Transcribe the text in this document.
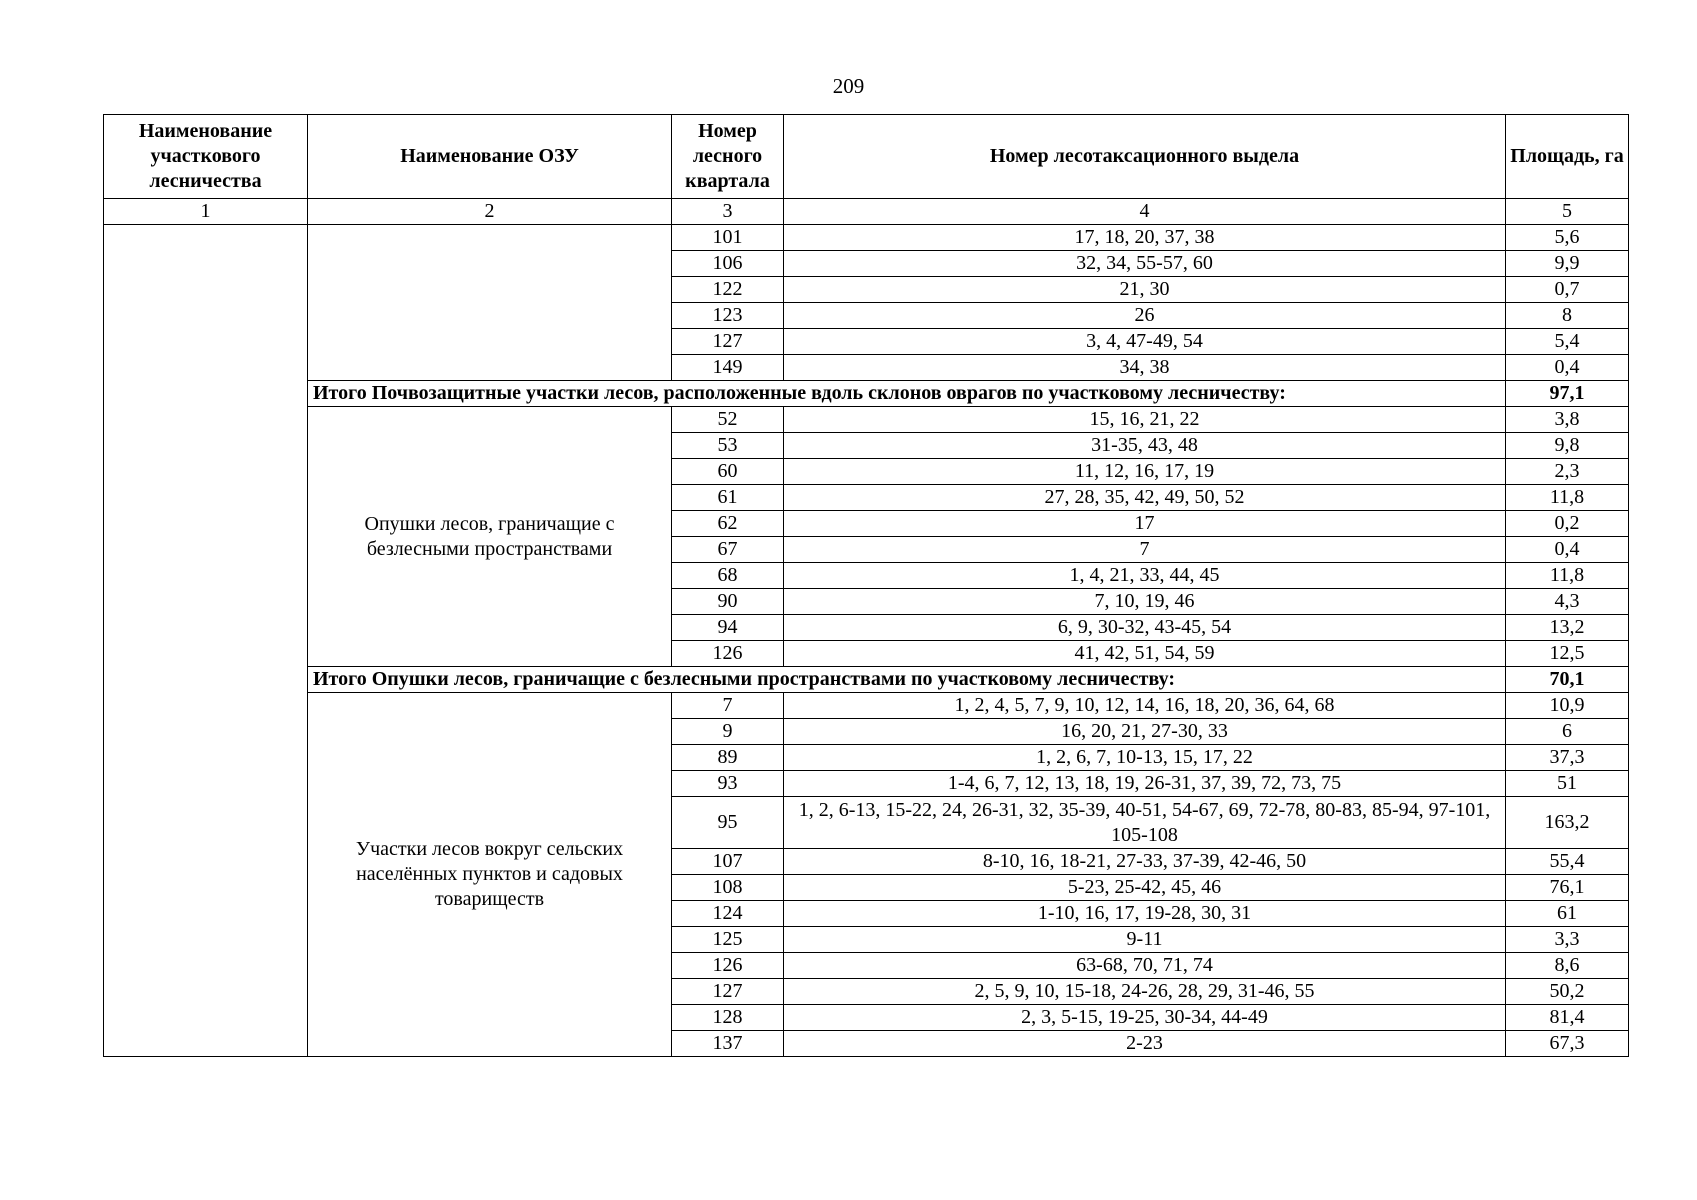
209
Наименование участкового лесничества	Наименование ОЗУ	Номер лесного квартала	Номер лесотаксационного выдела	Площадь, га
1	2	3	4	5
		101	17, 18, 20, 37, 38	5,6
		106	32, 34, 55-57, 60	9,9
		122	21, 30	0,7
		123	26	8
		127	3, 4, 47-49, 54	5,4
		149	34, 38	0,4
	Итого Почвозащитные участки лесов, расположенные вдоль склонов оврагов по участковому лесничеству:			97,1
	Опушки лесов, граничащие с безлесными пространствами	52	15, 16, 21, 22	3,8
		53	31-35, 43, 48	9,8
		60	11, 12, 16, 17, 19	2,3
		61	27, 28, 35, 42, 49, 50, 52	11,8
		62	17	0,2
		67	7	0,4
		68	1, 4, 21, 33, 44, 45	11,8
		90	7, 10, 19, 46	4,3
		94	6, 9, 30-32, 43-45, 54	13,2
		126	41, 42, 51, 54, 59	12,5
	Итого Опушки лесов, граничащие с безлесными пространствами по участковому лесничеству:			70,1
	Участки лесов вокруг сельских населённых пунктов и садовых товариществ	7	1, 2, 4, 5, 7, 9, 10, 12, 14, 16, 18, 20, 36, 64, 68	10,9
		9	16, 20, 21, 27-30, 33	6
		89	1, 2, 6, 7, 10-13, 15, 17, 22	37,3
		93	1-4, 6, 7, 12, 13, 18, 19, 26-31, 37, 39, 72, 73, 75	51
		95	1, 2, 6-13, 15-22, 24, 26-31, 32, 35-39, 40-51, 54-67, 69, 72-78, 80-83, 85-94, 97-101, 105-108	163,2
		107	8-10, 16, 18-21, 27-33, 37-39, 42-46, 50	55,4
		108	5-23, 25-42, 45, 46	76,1
		124	1-10, 16, 17, 19-28, 30, 31	61
		125	9-11	3,3
		126	63-68, 70, 71, 74	8,6
		127	2, 5, 9, 10, 15-18, 24-26, 28, 29, 31-46, 55	50,2
		128	2, 3, 5-15, 19-25, 30-34, 44-49	81,4
		137	2-23	67,3
